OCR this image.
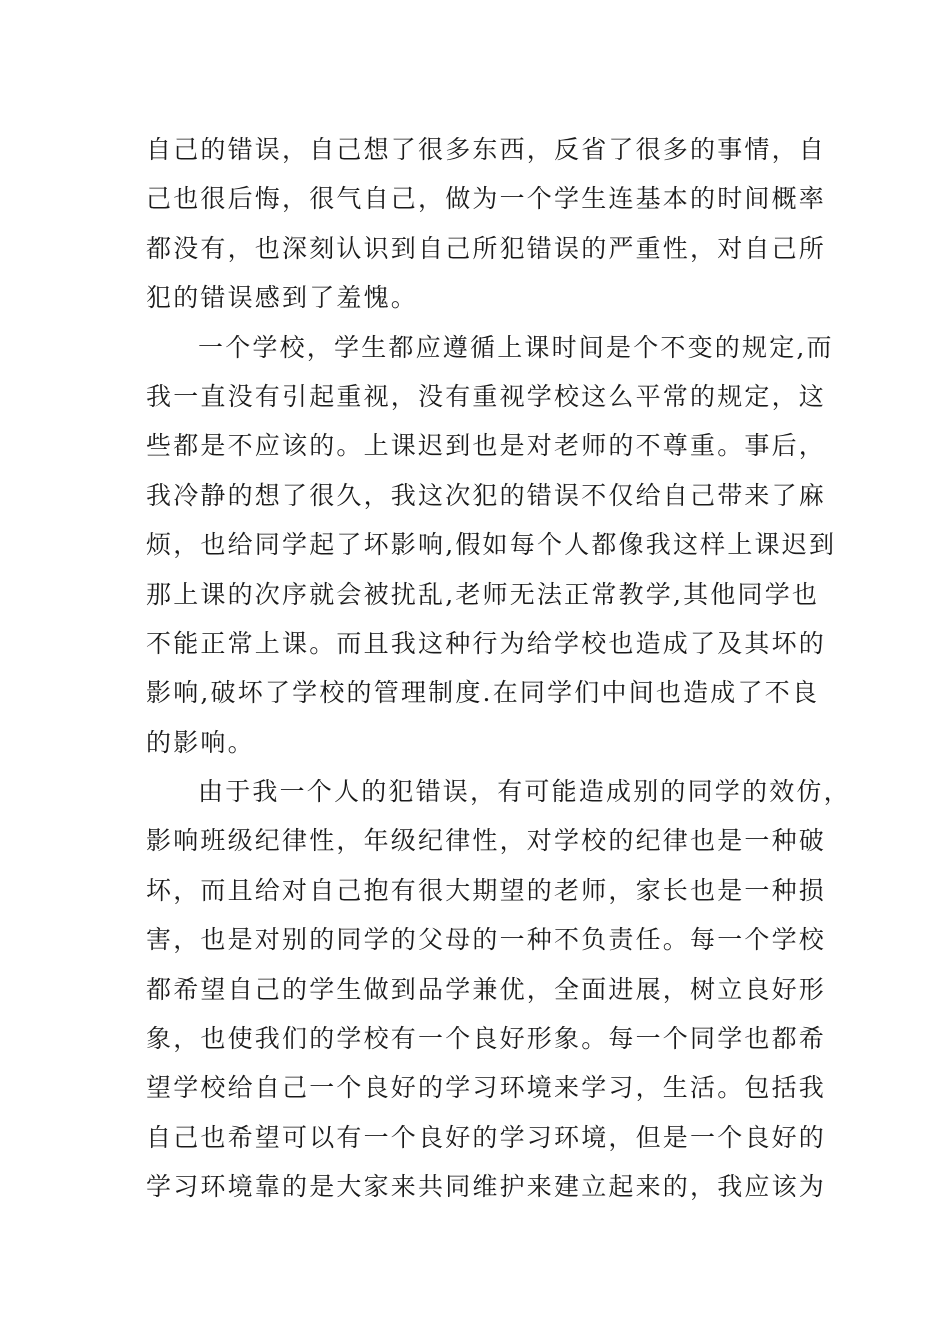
自己的错误，自己想了很多东西，反省了很多的事情，自
己也很后悔，很气自己，做为一个学生连基本的时间概率
都没有，也深刻认识到自己所犯错误的严重性，对自己所
犯的错误感到了羞愧。
一个学校，学生都应遵循上课时间是个不变的规定,而
我一直没有引起重视，没有重视学校这么平常的规定，这
些都是不应该的。上课迟到也是对老师的不尊重。事后，
我冷静的想了很久，我这次犯的错误不仅给自己带来了麻
烦，也给同学起了坏影响,假如每个人都像我这样上课迟到
那上课的次序就会被扰乱,老师无法正常教学,其他同学也
不能正常上课。而且我这种行为给学校也造成了及其坏的
影响,破坏了学校的管理制度.在同学们中间也造成了不良
的影响。
由于我一个人的犯错误，有可能造成别的同学的效仿，
影响班级纪律性，年级纪律性，对学校的纪律也是一种破
坏，而且给对自己抱有很大期望的老师，家长也是一种损
害，也是对别的同学的父母的一种不负责任。每一个学校
都希望自己的学生做到品学兼优，全面进展，树立良好形
象，也使我们的学校有一个良好形象。每一个同学也都希
望学校给自己一个良好的学习环境来学习，生活。包括我
自己也希望可以有一个良好的学习环境，但是一个良好的
学习环境靠的是大家来共同维护来建立起来的，我应该为
